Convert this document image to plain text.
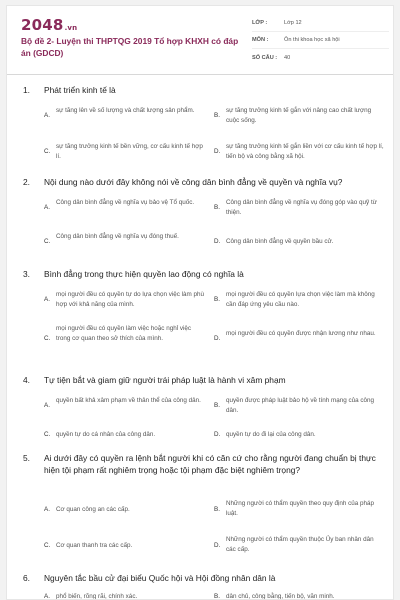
2048.vn
Bộ đề 2- Luyện thi THPTQG 2019 Tổ hợp KHXH có đáp án (GDCD)
LỚP :	Lớp 12
MÔN :	Ôn thi khoa học xã hội
SỐ CÂU :	40
1.	Phát triển kinh tế là
A.
sự tăng lên về số lượng và chất lượng sản phẩm.
B.
sự tăng trưởng kinh tế gắn với nâng cao chất lượng cuộc sống.
C.
sự tăng trưởng kinh tế bền vững, cơ cấu kinh tế hợp lí.
D.
sự tăng trưởng kinh tế gắn liền với cơ cấu kinh tế hợp lí, tiến bộ và công bằng xã hội.
2.	Nội dung nào dưới đây không nói về công dân bình đẳng về quyền và nghĩa vụ?
A.
Công dân bình đẳng về nghĩa vụ bảo vệ Tổ quốc.
B.
Công dân bình đẳng về nghĩa vụ đóng góp vào quỹ từ thiện.
C.
Công dân bình đẳng về nghĩa vụ đóng thuế.
D. Công dân bình đẳng về quyền bầu cử.
3.	Bình đẳng trong thực hiện quyền lao động có nghĩa là
A.
mọi người đều có quyền tự do lựa chọn việc làm phù hợp với khả năng của mình.
B.
mọi người đều có quyền lựa chọn việc làm mà không cần đáp ứng yêu cầu nào.
C.
mọi người đều có quyền làm việc hoặc nghỉ việc trong cơ quan theo sở thích của mình.	D.
mọi người đều có quyền được nhận lương như nhau.
4.	Tự tiện bắt và giam giữ người trái pháp luật là hành vi xâm phạm
A.
quyền bất khả xâm phạm về thân thể của công dân.
B.
quyền được pháp luật bảo hộ về tính mạng của công dân.
C. quyền tự do cá nhân của công dân.	D. quyền tự do đi lại của công dân.
5.	Ai dưới đây có quyền ra lệnh bắt người khi có căn cứ cho rằng người đang chuẩn bị thực hiện tội phạm rất nghiêm trọng hoặc tội phạm đặc biệt nghiêm trọng?
A. Cơ quan công an các cấp.	B.
Những người có thẩm quyền theo quy định của pháp luật.
C. Cơ quan thanh tra các cấp.	D.
Những người có thẩm quyền thuộc Ủy ban nhân dân các cấp.
6.	Nguyên tắc bầu cử đại biểu Quốc hội và Hội đồng nhân dân là
A. phổ biến, rõng rãi, chính xác.	B. dân chủ, công bằng, tiến bộ, văn minh.
